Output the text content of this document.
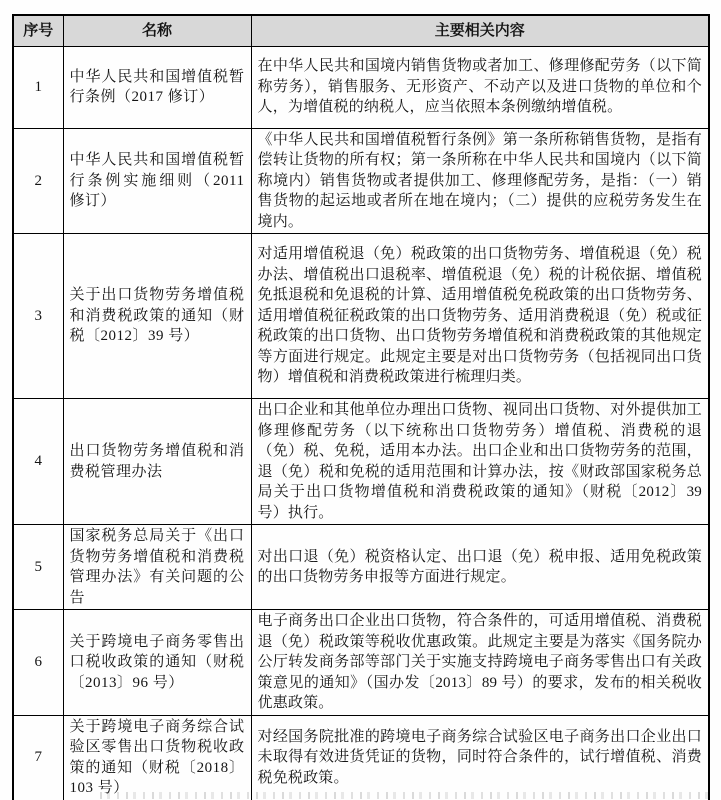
序号	名称	主要相关内容
1	中华人民共和国增值税暂行条例（2017 修订）	在中华人民共和国境内销售货物或者加工、修理修配劳务（以下简称劳务），销售服务、无形资产、不动产以及进口货物的单位和个人，为增值税的纳税人，应当依照本条例缴纳增值税。
2	中华人民共和国增值税暂行条例实施细则（2011 修订）	《中华人民共和国增值税暂行条例》第一条所称销售货物，是指有偿转让货物的所有权；第一条所称在中华人民共和国境内（以下简称境内）销售货物或者提供加工、修理修配劳务，是指：（一）销售货物的起运地或者所在地在境内；（二）提供的应税劳务发生在境内。
3	关于出口货物劳务增值税和消费税政策的通知（财税〔2012〕39 号）	对适用增值税退（免）税政策的出口货物劳务、增值税退（免）税办法、增值税出口退税率、增值税退（免）税的计税依据、增值税免抵退税和免退税的计算、适用增值税免税政策的出口货物劳务、适用增值税征税政策的出口货物劳务、适用消费税退（免）税或征税政策的出口货物、出口货物劳务增值税和消费税政策的其他规定等方面进行规定。此规定主要是对出口货物劳务（包括视同出口货物）增值税和消费税政策进行梳理归类。
4	出口货物劳务增值税和消费税管理办法	出口企业和其他单位办理出口货物、视同出口货物、对外提供加工修理修配劳务（以下统称出口货物劳务）增值税、消费税的退（免）税、免税，适用本办法。出口企业和出口货物劳务的范围，退（免）税和免税的适用范围和计算办法，按《财政部国家税务总局关于出口货物增值税和消费税政策的通知》（财税〔2012〕39 号）执行。
5	国家税务总局关于《出口货物劳务增值税和消费税管理办法》有关问题的公告	对出口退（免）税资格认定、出口退（免）税申报、适用免税政策的出口货物劳务申报等方面进行规定。
6	关于跨境电子商务零售出口税收政策的通知（财税〔2013〕96 号）	电子商务出口企业出口货物，符合条件的，可适用增值税、消费税退（免）税政策等税收优惠政策。此规定主要是为落实《国务院办公厅转发商务部等部门关于实施支持跨境电子商务零售出口有关政策意见的通知》（国办发〔2013〕89 号）的要求，发布的相关税收优惠政策。
7	关于跨境电子商务综合试验区零售出口货物税收政策的通知（财税〔2018〕103 号）	对经国务院批准的跨境电子商务综合试验区电子商务出口企业出口未取得有效进货凭证的货物，同时符合条件的，试行增值税、消费税免税政策。
